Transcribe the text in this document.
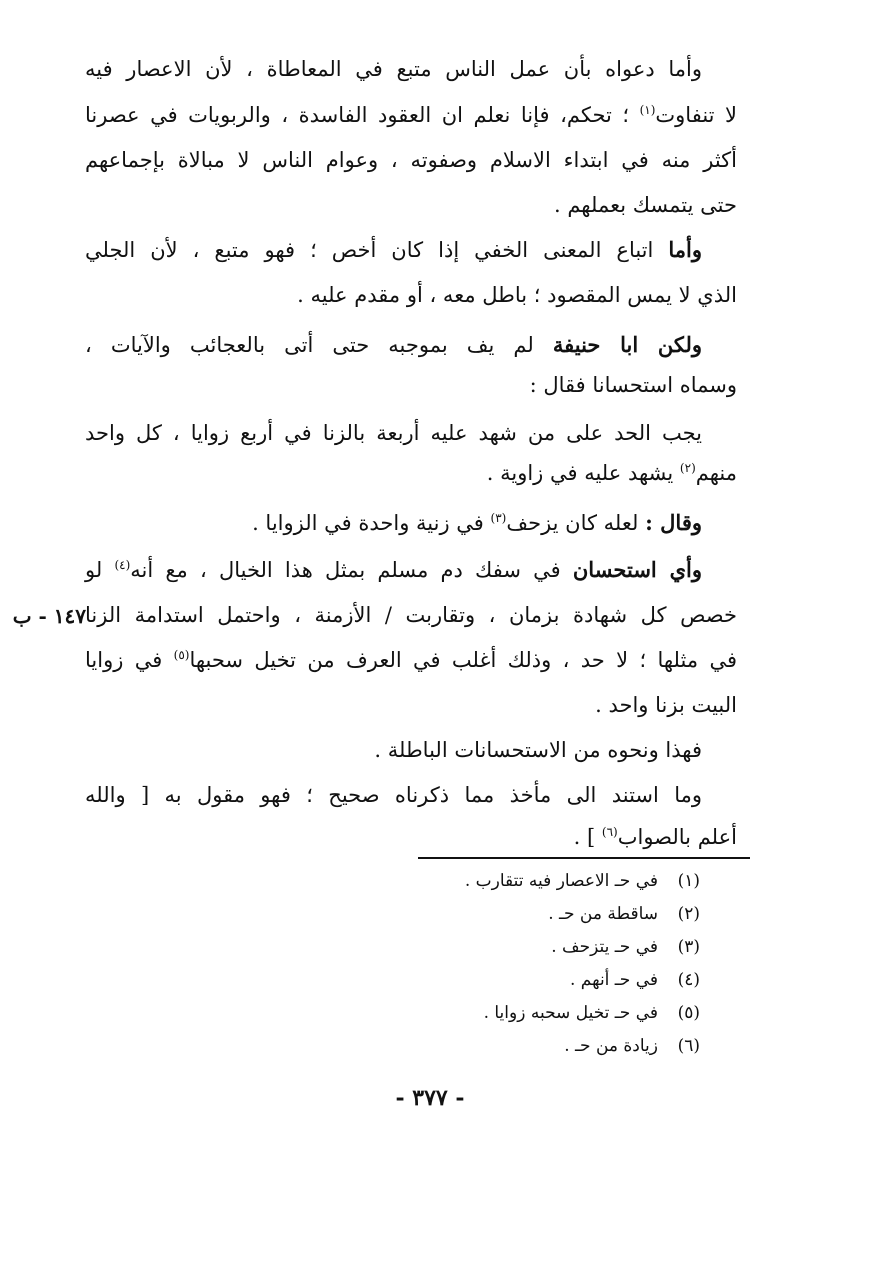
وأما دعواه بأن عمل الناس متبع في المعاطاة ، لأن الاعصار فيه
لا تنفاوت$^{(١)}$ ؛ تحكم، فإنا نعلم ان العقود الفاسدة ، والربويات في عصرنا
أكثر منه في ابتداء الاسلام وصفوته ، وعوام الناس لا مبالاة بإجماعهم
حتى يتمسك بعملهم .
وأما اتباع المعنى الخفي إذا كان أخص ؛ فهو متبع ، لأن الجلي
الذي لا يمس المقصود ؛ باطل معه ، أو مقدم عليه .
ولكن ابا حنيفة لم يف بموجبه حتى أتى بالعجائب والآيات ،
وسماه استحسانا فقال :
يجب الحد على من شهد عليه أربعة بالزنا في أربع زوايا ، كل واحد
منهم$^{(٢)}$ يشهد عليه في زاوية .
وقال : لعله كان يزحف$^{(٣)}$ في زنية واحدة في الزوايا .
وأي استحسان في سفك دم مسلم بمثل هذا الخيال ، مع أنه$^{(٤)}$ لو
خصص كل شهادة بزمان ، وتقاربت / الأزمنة ، واحتمل استدامة الزنا
في مثلها ؛ لا حد ، وذلك أغلب في العرف من تخيل سحبها$^{(٥)}$ في زوايا
البيت بزنا واحد .
فهذا ونحوه من الاستحسانات الباطلة .
وما استند الى مأخذ مما ذكرناه صحيح ؛ فهو مقول به [ والله
أعلم بالصواب$^{(٦)}$ ] .
١٤٧ - ب
(١)في حـ الاعصار فيه تتقارب .
(٢)ساقطة من حـ .
(٣)في حـ يتزحف .
(٤)في حـ أنهم .
(٥)في حـ تخيل سحبه زوايا .
(٦)زيادة من حـ .
- ٣٧٧ -
